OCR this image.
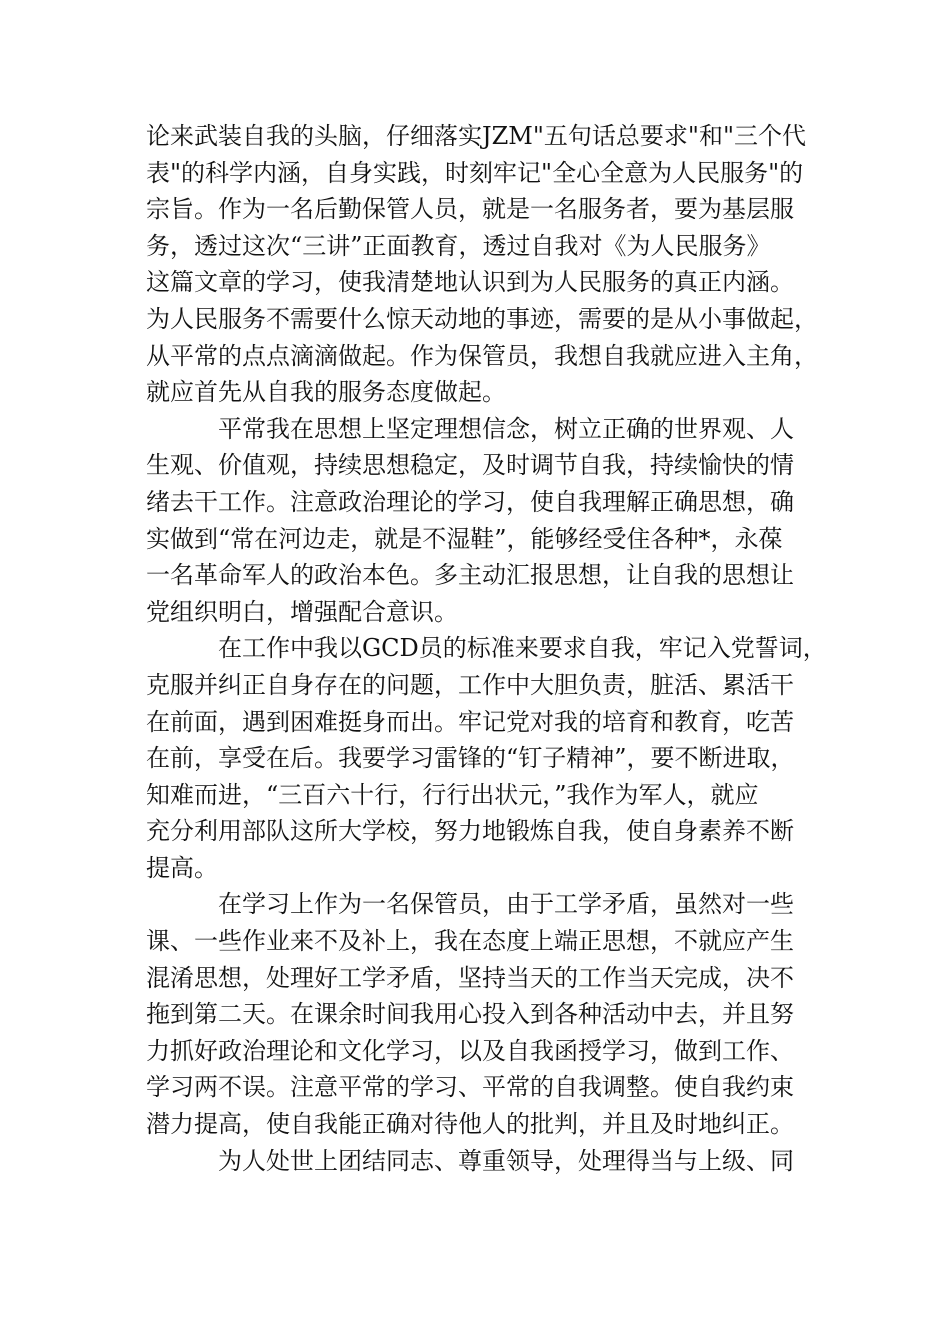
论来武装自我的头脑，仔细落实JZM"五句话总要求"和"三个代
表"的科学内涵，自身实践，时刻牢记"全心全意为人民服务"的
宗旨。作为一名后勤保管人员，就是一名服务者，要为基层服
务，透过这次“三讲”正面教育，透过自我对《为人民服务》
这篇文章的学习，使我清楚地认识到为人民服务的真正内涵。
为人民服务不需要什么惊天动地的事迹，需要的是从小事做起，
从平常的点点滴滴做起。作为保管员，我想自我就应进入主角，
就应首先从自我的服务态度做起。
平常我在思想上坚定理想信念，树立正确的世界观、人
生观、价值观，持续思想稳定，及时调节自我，持续愉快的情
绪去干工作。注意政治理论的学习，使自我理解正确思想，确
实做到“常在河边走，就是不湿鞋”，能够经受住各种*，永葆
一名革命军人的政治本色。多主动汇报思想，让自我的思想让
党组织明白，增强配合意识。
在工作中我以GCD员的标准来要求自我，牢记入党誓词，
克服并纠正自身存在的问题，工作中大胆负责，脏活、累活干
在前面，遇到困难挺身而出。牢记党对我的培育和教育，吃苦
在前，享受在后。我要学习雷锋的“钉子精神”，要不断进取，
知难而进，“三百六十行，行行出状元，”我作为军人，就应
充分利用部队这所大学校，努力地锻炼自我，使自身素养不断
提高。
在学习上作为一名保管员，由于工学矛盾，虽然对一些
课、一些作业来不及补上，我在态度上端正思想，不就应产生
混淆思想，处理好工学矛盾，坚持当天的工作当天完成，决不
拖到第二天。在课余时间我用心投入到各种活动中去，并且努
力抓好政治理论和文化学习，以及自我函授学习，做到工作、
学习两不误。注意平常的学习、平常的自我调整。使自我约束
潜力提高，使自我能正确对待他人的批判，并且及时地纠正。
为人处世上团结同志、尊重领导，处理得当与上级、同
